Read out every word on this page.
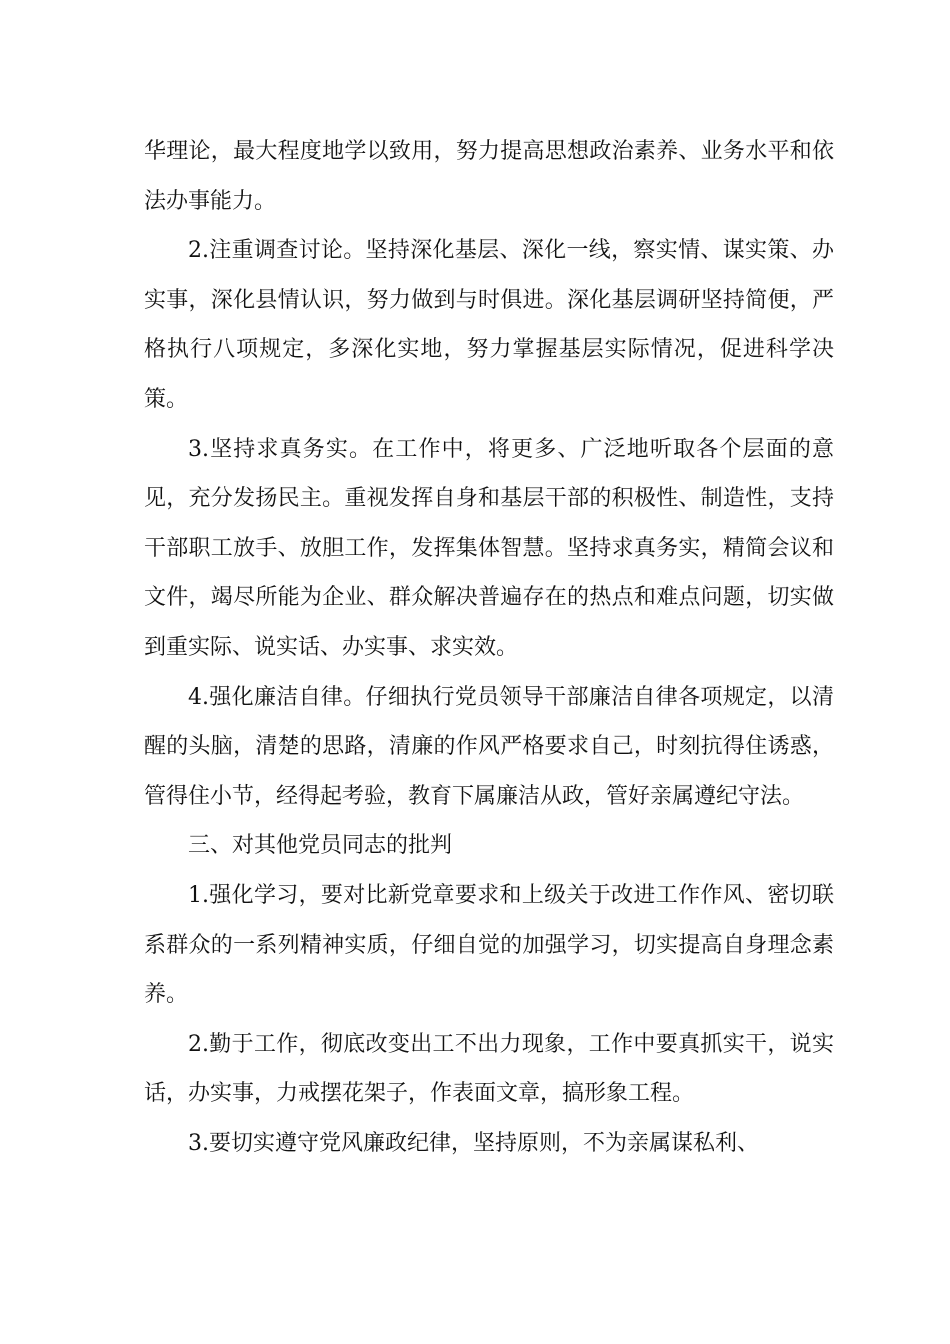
华理论，最大程度地学以致用，努力提高思想政治素养、业务水平和依法办事能力。

2.注重调查讨论。坚持深化基层、深化一线，察实情、谋实策、办实事，深化县情认识，努力做到与时俱进。深化基层调研坚持简便，严格执行八项规定，多深化实地，努力掌握基层实际情况，促进科学决策。

3.坚持求真务实。在工作中，将更多、广泛地听取各个层面的意见，充分发扬民主。重视发挥自身和基层干部的积极性、制造性，支持干部职工放手、放胆工作，发挥集体智慧。坚持求真务实，精简会议和文件，竭尽所能为企业、群众解决普遍存在的热点和难点问题，切实做到重实际、说实话、办实事、求实效。

4.强化廉洁自律。仔细执行党员领导干部廉洁自律各项规定，以清醒的头脑，清楚的思路，清廉的作风严格要求自己，时刻抗得住诱惑，管得住小节，经得起考验，教育下属廉洁从政，管好亲属遵纪守法。

三、对其他党员同志的批判

1.强化学习，要对比新党章要求和上级关于改进工作作风、密切联系群众的一系列精神实质，仔细自觉的加强学习，切实提高自身理念素养。

2.勤于工作，彻底改变出工不出力现象，工作中要真抓实干，说实话，办实事，力戒摆花架子，作表面文章，搞形象工程。

3.要切实遵守党风廉政纪律，坚持原则，不为亲属谋私利、
